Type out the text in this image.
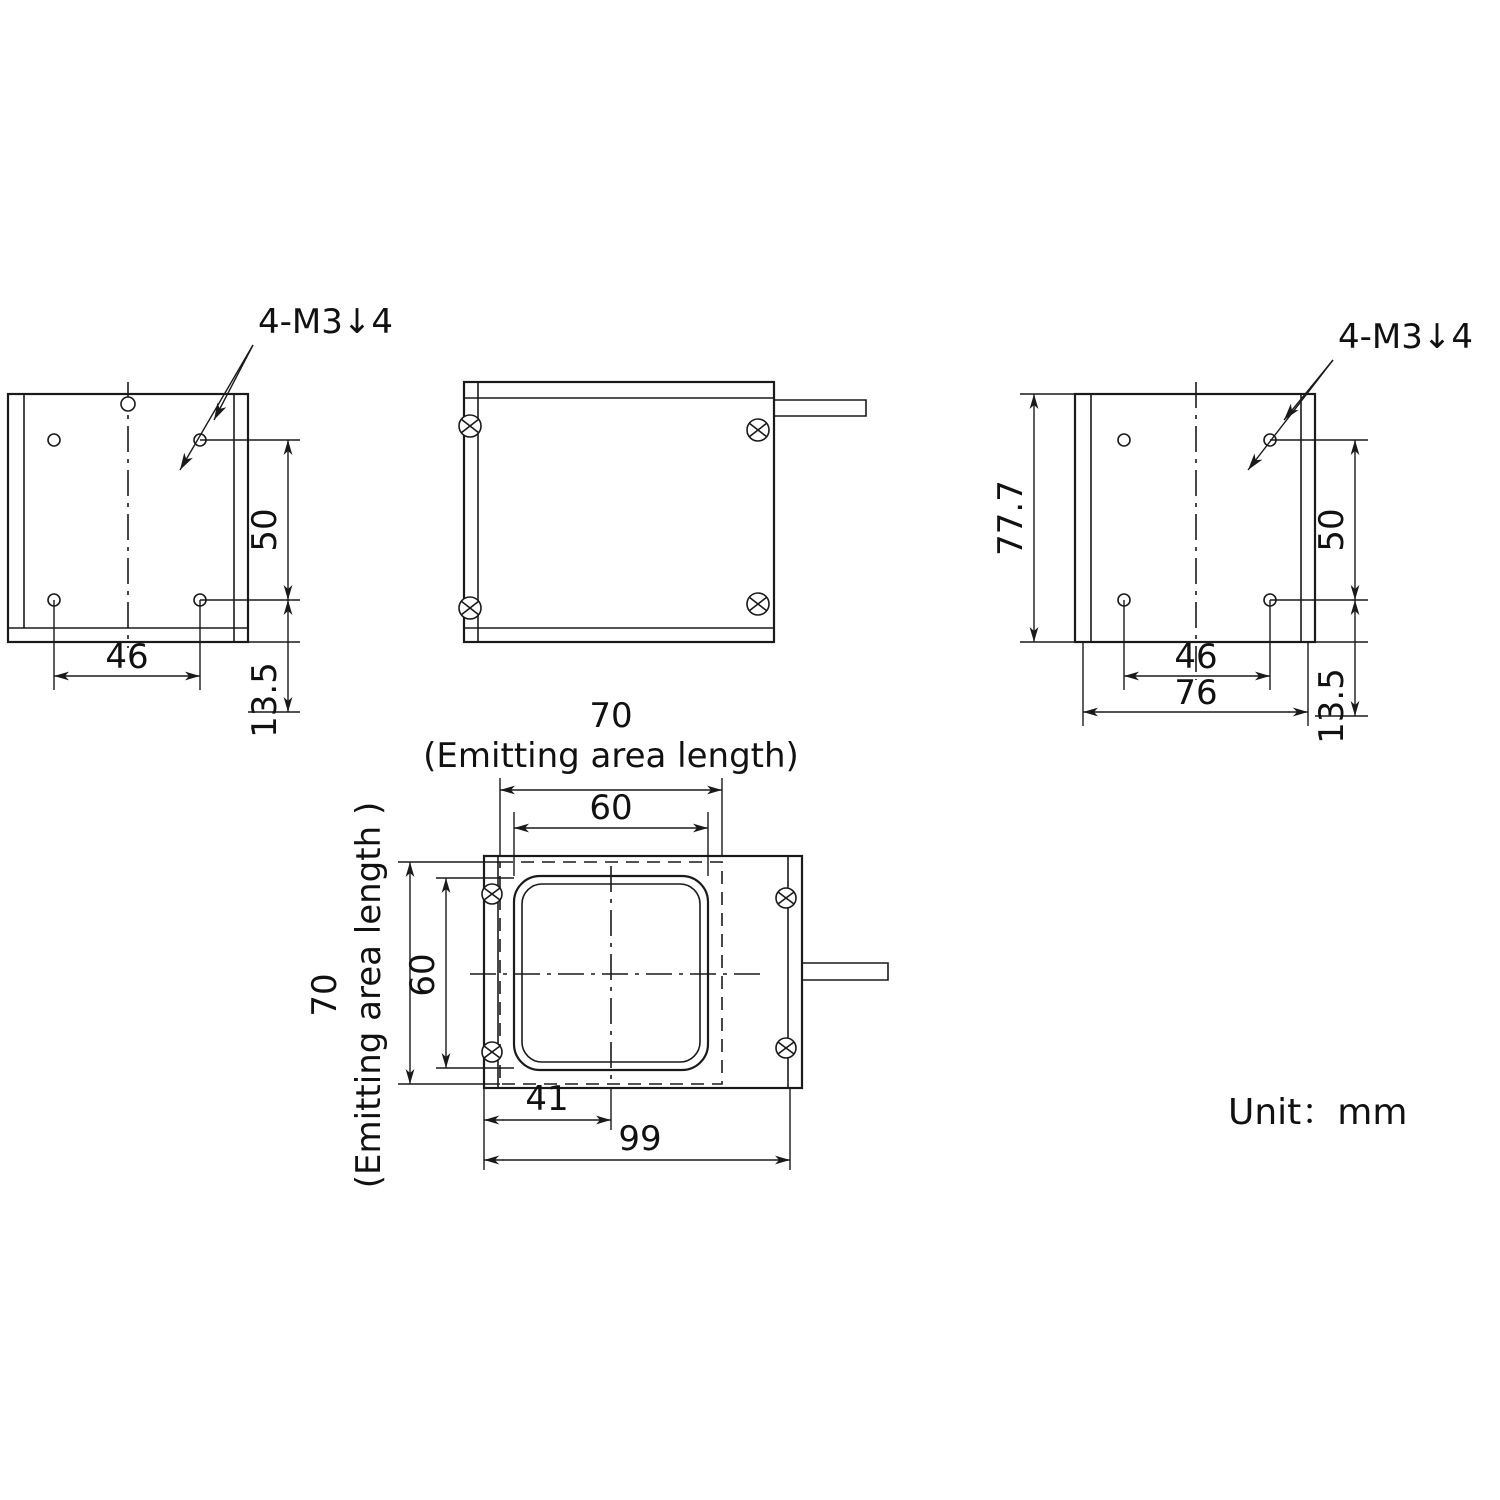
4-M3↓4
50
13.5
46
4-M3↓4
77.7	50
13.5
46
76
70
(Emitting area length)
60
70 (Emitting area length ) 60
41
99
Unit：mm
